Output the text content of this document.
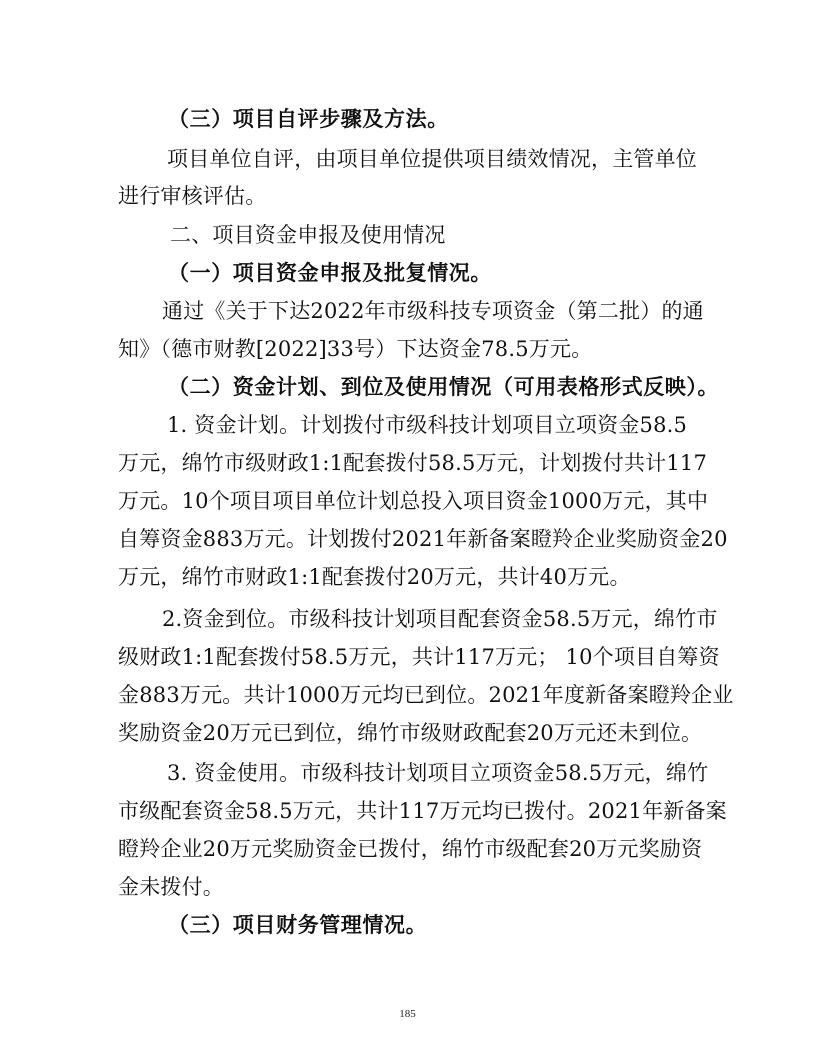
（三）项目自评步骤及方法。
项目单位自评，由项目单位提供项目绩效情况，主管单位
进行审核评估。
二、项目资金申报及使用情况
（一）项目资金申报及批复情况。
通过《关于下达2022年市级科技专项资金（第二批）的通
知》（德市财教[2022]33号）下达资金78.5万元。
（二）资金计划、到位及使用情况（可用表格形式反映）。
1. 资金计划。计划拨付市级科技计划项目立项资金58.5
万元，绵竹市级财政1:1配套拨付58.5万元，计划拨付共计117
万元。10个项目项目单位计划总投入项目资金1000万元，其中
自筹资金883万元。计划拨付2021年新备案瞪羚企业奖励资金20
万元，绵竹市财政1:1配套拨付20万元，共计40万元。
2.资金到位。市级科技计划项目配套资金58.5万元，绵竹市
级财政1:1配套拨付58.5万元，共计117万元； 10个项目自筹资
金883万元。共计1000万元均已到位。2021年度新备案瞪羚企业
奖励资金20万元已到位，绵竹市级财政配套20万元还未到位。
3. 资金使用。市级科技计划项目立项资金58.5万元，绵竹
市级配套资金58.5万元，共计117万元均已拨付。2021年新备案
瞪羚企业20万元奖励资金已拨付，绵竹市级配套20万元奖励资
金未拨付。
（三）项目财务管理情况。
185
